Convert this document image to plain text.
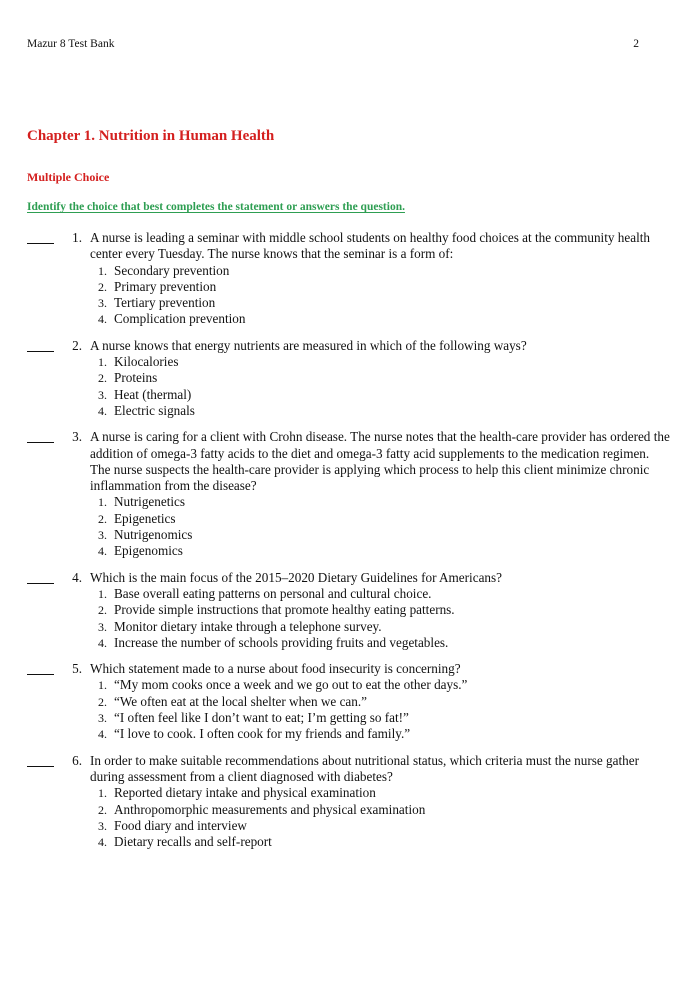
Mazur 8 Test Bank	2
Chapter 1. Nutrition in Human Health
Multiple Choice
Identify the choice that best completes the statement or answers the question.
1. A nurse is leading a seminar with middle school students on healthy food choices at the community health center every Tuesday. The nurse knows that the seminar is a form of:
1. Secondary prevention
2. Primary prevention
3. Tertiary prevention
4. Complication prevention
2. A nurse knows that energy nutrients are measured in which of the following ways?
1. Kilocalories
2. Proteins
3. Heat (thermal)
4. Electric signals
3. A nurse is caring for a client with Crohn disease. The nurse notes that the health-care provider has ordered the addition of omega-3 fatty acids to the diet and omega-3 fatty acid supplements to the medication regimen. The nurse suspects the health-care provider is applying which process to help this client minimize chronic inflammation from the disease?
1. Nutrigenetics
2. Epigenetics
3. Nutrigenomics
4. Epigenomics
4. Which is the main focus of the 2015–2020 Dietary Guidelines for Americans?
1. Base overall eating patterns on personal and cultural choice.
2. Provide simple instructions that promote healthy eating patterns.
3. Monitor dietary intake through a telephone survey.
4. Increase the number of schools providing fruits and vegetables.
5. Which statement made to a nurse about food insecurity is concerning?
1. “My mom cooks once a week and we go out to eat the other days.”
2. “We often eat at the local shelter when we can.”
3. “I often feel like I don’t want to eat; I’m getting so fat!”
4. “I love to cook. I often cook for my friends and family.”
6. In order to make suitable recommendations about nutritional status, which criteria must the nurse gather during assessment from a client diagnosed with diabetes?
1. Reported dietary intake and physical examination
2. Anthropomorphic measurements and physical examination
3. Food diary and interview
4. Dietary recalls and self-report
